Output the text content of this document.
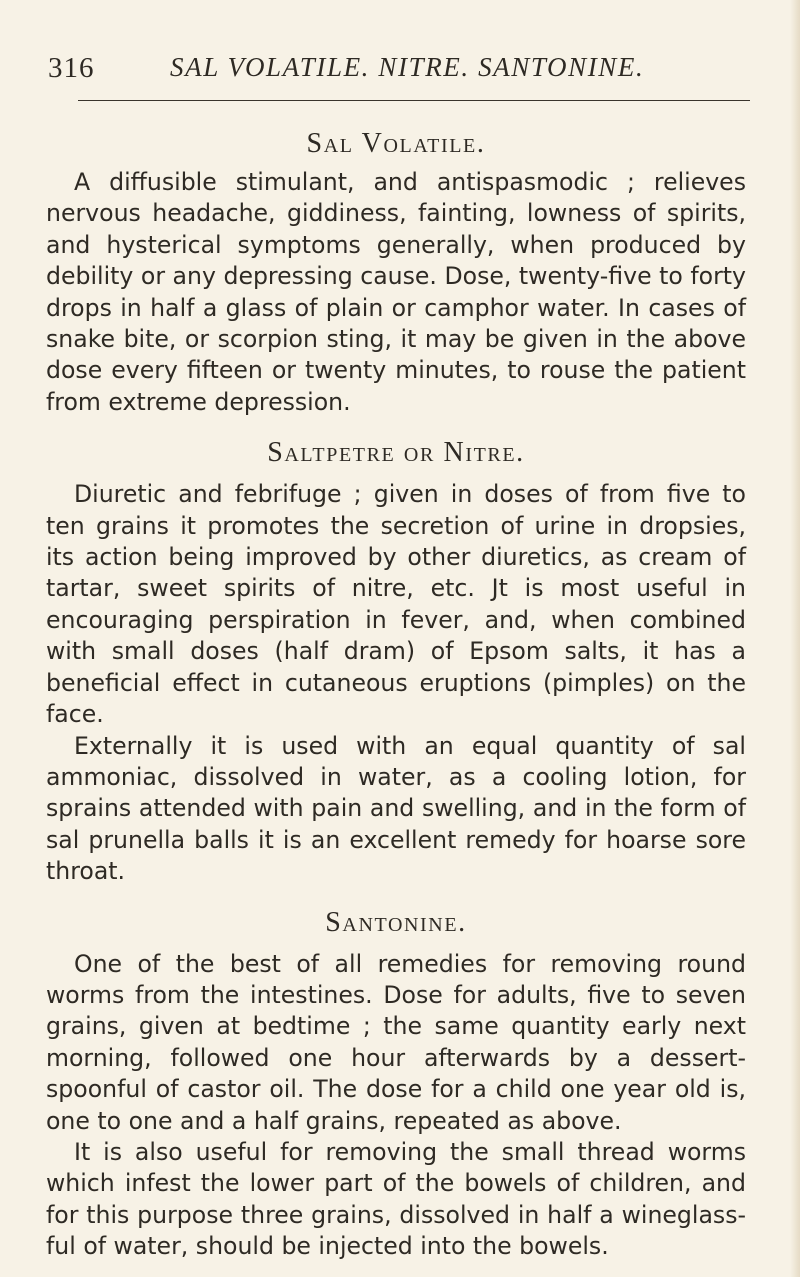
316	SAL VOLATILE. NITRE. SANTONINE.
Sal Volatile.

A diffusible stimulant, and antispasmodic ; relieves nervous headache, giddiness, fainting, lowness of spirits, and hysterical symptoms generally, when produced by debility or any depressing cause. Dose, twenty-five to forty drops in half a glass of plain or camphor water. In cases of snake bite, or scorpion sting, it may be given in the above dose every fifteen or twenty minutes, to rouse the patient from extreme depression.

Saltpetre or Nitre.

Diuretic and febrifuge ; given in doses of from five to ten grains it promotes the secretion of urine in dropsies, its action being improved by other diuretics, as cream of tartar, sweet spirits of nitre, etc. Jt is most useful in encouraging perspiration in fever, and, when combined with small doses (half dram) of Epsom salts, it has a beneficial effect in cutaneous eruptions (pimples) on the face.

Externally it is used with an equal quantity of sal ammoniac, dissolved in water, as a cooling lotion, for sprains attended with pain and swelling, and in the form of sal prunella balls it is an excellent remedy for hoarse sore throat.

Santonine.

One of the best of all remedies for removing round worms from the intestines. Dose for adults, five to seven grains, given at bedtime ; the same quantity early next morning, followed one hour afterwards by a dessert-spoonful of castor oil. The dose for a child one year old is, one to one and a half grains, repeated as above.

It is also useful for removing the small thread worms which infest the lower part of the bowels of children, and for this purpose three grains, dissolved in half a wineglass-ful of water, should be injected into the bowels.
